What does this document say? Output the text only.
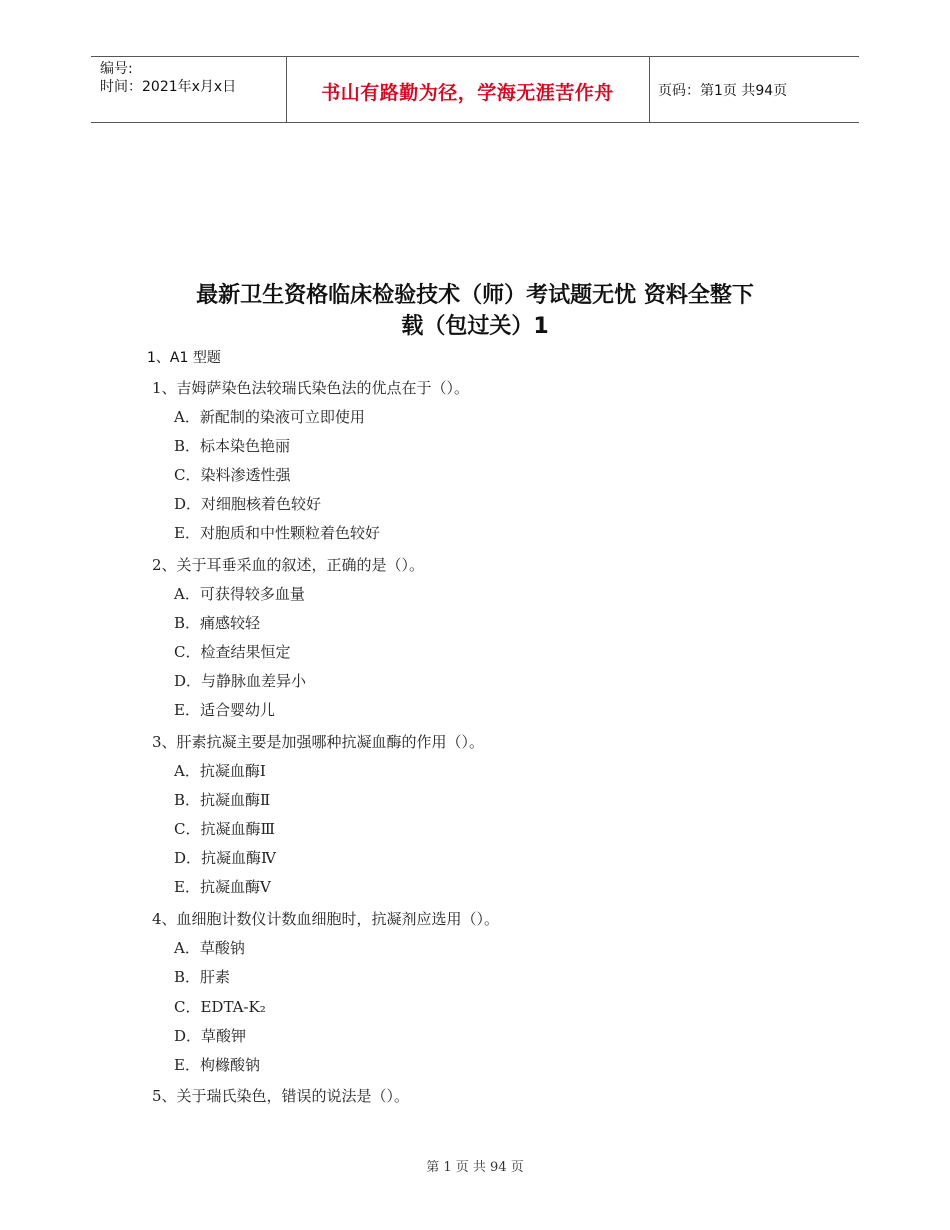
编号:
时间：2021年x月x日	书山有路勤为径，学海无涯苦作舟	页码：第1页 共94页
最新卫生资格临床检验技术（师）考试题无忧 资料全整下
载（包过关）1
1、A1 型题
1、吉姆萨染色法较瑞氏染色法的优点在于（）。
A．新配制的染液可立即使用
B．标本染色艳丽
C．染料渗透性强
D．对细胞核着色较好
E．对胞质和中性颗粒着色较好
2、关于耳垂采血的叙述，正确的是（）。
A．可获得较多血量
B．痛感较轻
C．检查结果恒定
D．与静脉血差异小
E．适合婴幼儿
3、肝素抗凝主要是加强哪种抗凝血酶的作用（）。
A．抗凝血酶Ⅰ
B．抗凝血酶Ⅱ
C．抗凝血酶Ⅲ
D．抗凝血酶Ⅳ
E．抗凝血酶Ⅴ
4、血细胞计数仪计数血细胞时，抗凝剂应选用（）。
A．草酸钠
B．肝素
C．EDTA-K₂
D．草酸钾
E．枸橼酸钠
5、关于瑞氏染色，错误的说法是（）。
第 1 页 共 94 页
